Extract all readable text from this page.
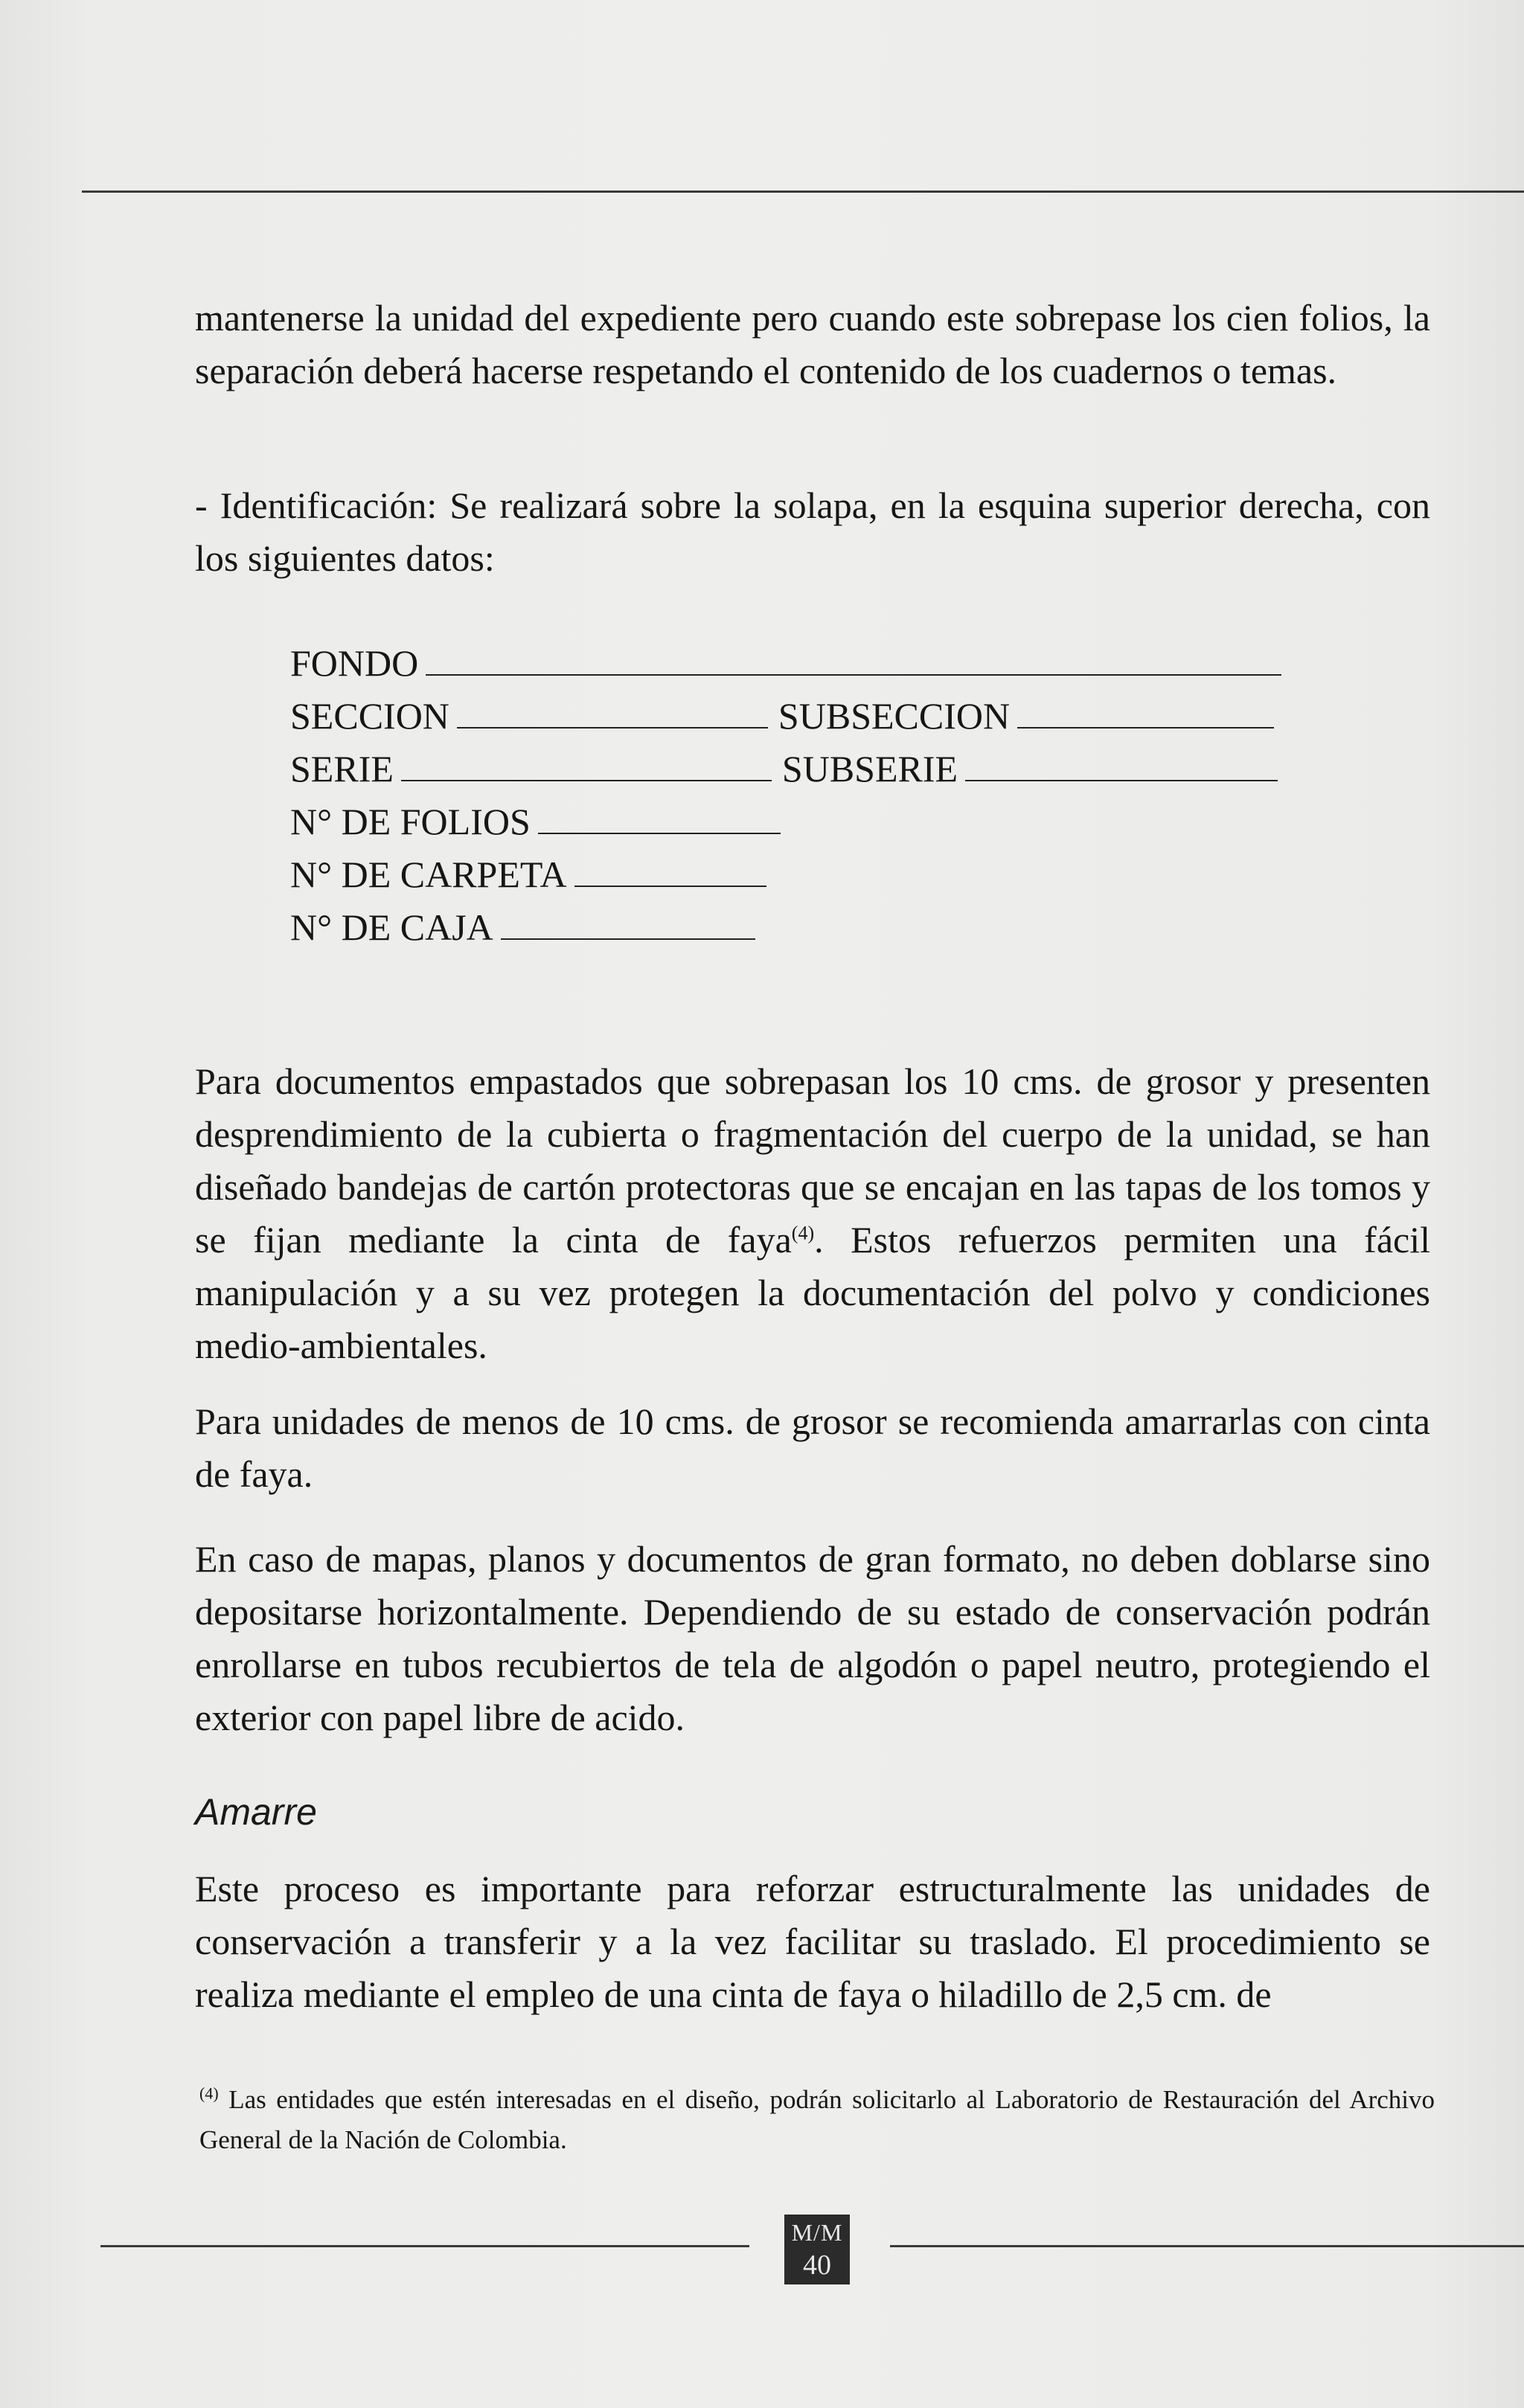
mantenerse la unidad del expediente pero cuando este sobrepase los cien folios, la separación deberá hacerse respetando el contenido de los cuadernos o temas.

- Identificación: Se realizará sobre la solapa, en la esquina superior derecha, con los siguientes datos:

FONDO
SECCION	SUBSECCION
SERIE	SUBSERIE
N° DE FOLIOS
N° DE CARPETA
N° DE CAJA

Para documentos empastados que sobrepasan los 10 cms. de grosor y presenten desprendimiento de la cubierta o fragmentación del cuerpo de la unidad, se han diseñado bandejas de cartón protectoras que se encajan en las tapas de los tomos y se fijan mediante la cinta de faya$^{(4)}$. Estos refuerzos permiten una fácil manipulación y a su vez protegen la documentación del polvo y condiciones medio-ambientales.

Para unidades de menos de 10 cms. de grosor se recomienda amarrarlas con cinta de faya.

En caso de mapas, planos y documentos de gran formato, no deben doblarse sino depositarse horizontalmente. Dependiendo de su estado de conservación podrán enrollarse en tubos recubiertos de tela de algodón o papel neutro, protegiendo el exterior con papel libre de acido.

Amarre

Este proceso es importante para reforzar estructuralmente las unidades de conservación a transferir y a la vez facilitar su traslado. El procedimiento se realiza mediante el empleo de una cinta de faya o hiladillo de 2,5 cm. de

$^{(4)}$ Las entidades que estén interesadas en el diseño, podrán solicitarlo al Laboratorio de Restauración del Archivo General de la Nación de Colombia.

M/M
40
